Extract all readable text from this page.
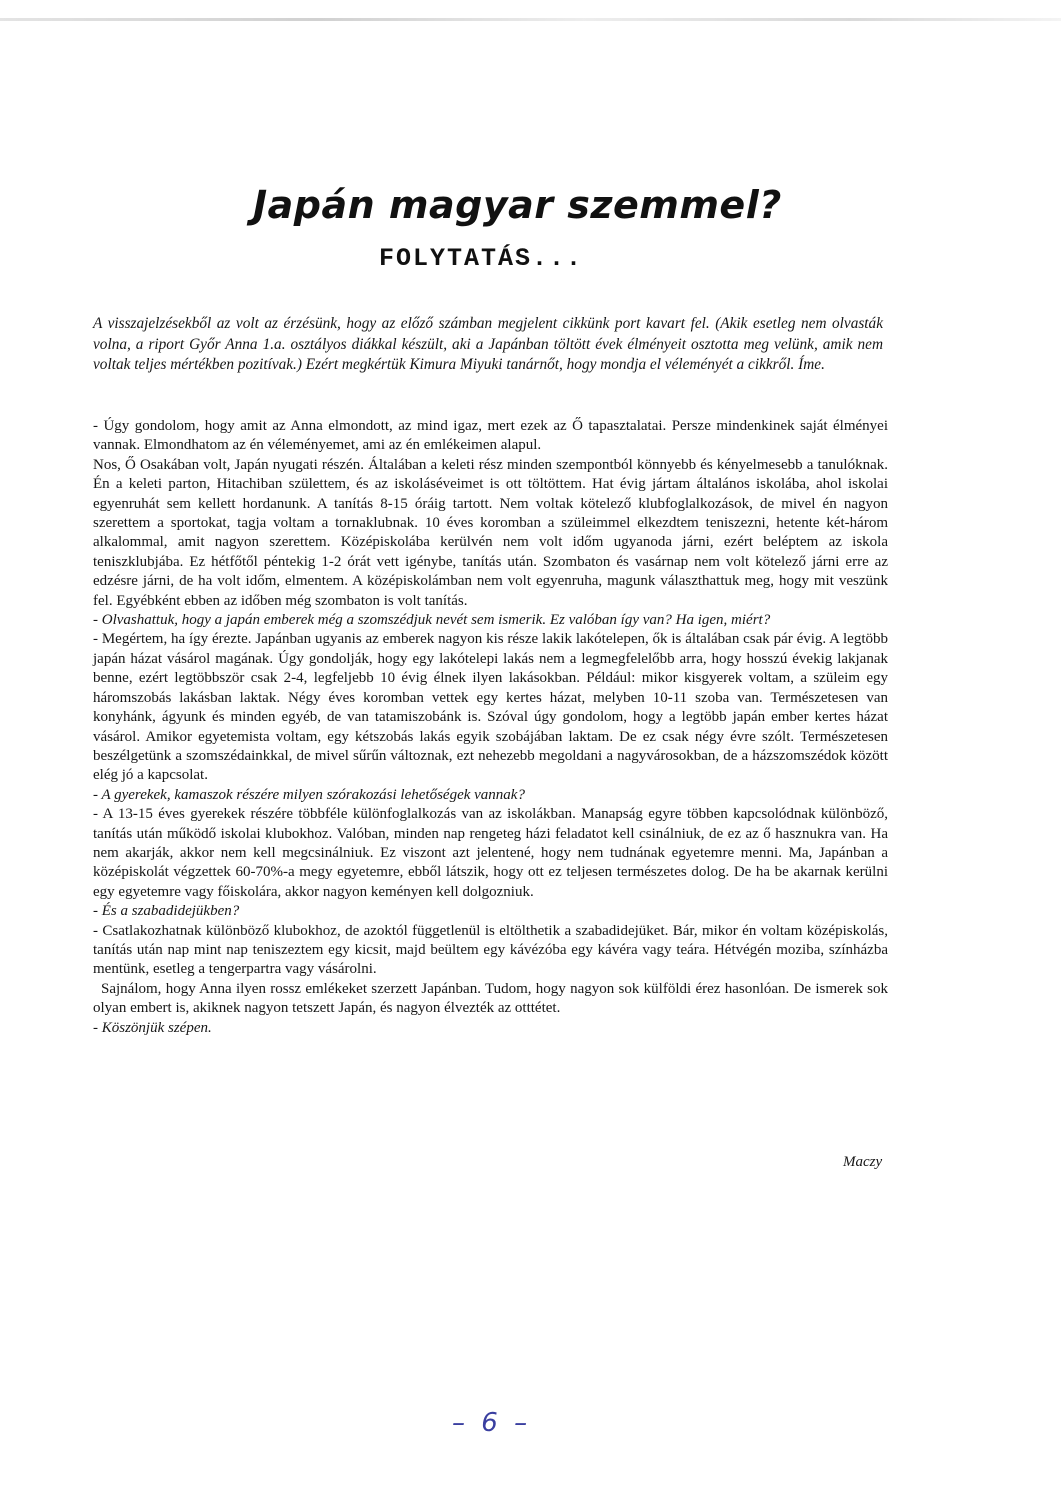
Japán magyar szemmel?
FOLYTATÁS...

A visszajelzésekből az volt az érzésünk, hogy az előző számban megjelent cikkünk port kavart fel. (Akik esetleg nem olvasták volna, a riport Győr Anna 1.a. osztályos diákkal készült, aki a Japánban töltött évek élményeit osztotta meg velünk, amik nem voltak teljes mértékben pozitívak.) Ezért megkértük Kimura Miyuki tanárnőt, hogy mondja el véleményét a cikkről. Íme.

- Úgy gondolom, hogy amit az Anna elmondott, az mind igaz, mert ezek az Ő tapasztalatai. Persze mindenkinek saját élményei vannak. Elmondhatom az én véleményemet, ami az én emlékeimen alapul.

Nos, Ő Osakában volt, Japán nyugati részén. Általában a keleti rész minden szempontból könnyebb és kényelmesebb a tanulóknak. Én a keleti parton, Hitachiban születtem, és az iskoláséveimet is ott töltöttem. Hat évig jártam általános iskolába, ahol iskolai egyenruhát sem kellett hordanunk. A tanítás 8-15 óráig tartott. Nem voltak kötelező klubfoglalkozások, de mivel én nagyon szerettem a sportokat, tagja voltam a tornaklubnak. 10 éves koromban a szüleimmel elkezdtem teniszezni, hetente két-három alkalommal, amit nagyon szerettem. Középiskolába kerülvén nem volt időm ugyanoda járni, ezért beléptem az iskola teniszklubjába. Ez hétfőtől péntekig 1-2 órát vett igénybe, tanítás után. Szombaton és vasárnap nem volt kötelező járni erre az edzésre járni, de ha volt időm, elmentem. A középiskolámban nem volt egyenruha, magunk választhattuk meg, hogy mit veszünk fel. Egyébként ebben az időben még szombaton is volt tanítás.

- Olvashattuk, hogy a japán emberek még a szomszédjuk nevét sem ismerik. Ez valóban így van? Ha igen, miért?

- Megértem, ha így érezte. Japánban ugyanis az emberek nagyon kis része lakik lakótelepen, ők is általában csak pár évig. A legtöbb japán házat vásárol magának. Úgy gondolják, hogy egy lakótelepi lakás nem a legmegfelelőbb arra, hogy hosszú évekig lakjanak benne, ezért legtöbbször csak 2-4, legfeljebb 10 évig élnek ilyen lakásokban. Például: mikor kisgyerek voltam, a szüleim egy háromszobás lakásban laktak. Négy éves koromban vettek egy kertes házat, melyben 10-11 szoba van. Természetesen van konyhánk, ágyunk és minden egyéb, de van tatamiszobánk is. Szóval úgy gondolom, hogy a legtöbb japán ember kertes házat vásárol. Amikor egyetemista voltam, egy kétszobás lakás egyik szobájában laktam. De ez csak négy évre szólt. Természetesen beszélgetünk a szomszédainkkal, de mivel sűrűn változnak, ezt nehezebb megoldani a nagyvárosokban, de a házszomszédok között elég jó a kapcsolat.

- A gyerekek, kamaszok részére milyen szórakozási lehetőségek vannak?

- A 13-15 éves gyerekek részére többféle különfoglalkozás van az iskolákban. Manapság egyre többen kapcsolódnak különböző, tanítás után működő iskolai klubokhoz. Valóban, minden nap rengeteg házi feladatot kell csinálniuk, de ez az ő hasznukra van. Ha nem akarják, akkor nem kell megcsinálniuk. Ez viszont azt jelentené, hogy nem tudnának egyetemre menni. Ma, Japánban a középiskolát végzettek 60-70%-a megy egyetemre, ebből látszik, hogy ott ez teljesen természetes dolog. De ha be akarnak kerülni egy egyetemre vagy főiskolára, akkor nagyon keményen kell dolgozniuk.

- És a szabadidejükben?

- Csatlakozhatnak különböző klubokhoz, de azoktól függetlenül is eltölthetik a szabadidejüket. Bár, mikor én voltam középiskolás, tanítás után nap mint nap teniszeztem egy kicsit, majd beültem egy kávézóba egy kávéra vagy teára. Hétvégén moziba, színházba mentünk, esetleg a tengerpartra vagy vásárolni.

Sajnálom, hogy Anna ilyen rossz emlékeket szerzett Japánban. Tudom, hogy nagyon sok külföldi érez hasonlóan. De ismerek sok olyan embert is, akiknek nagyon tetszett Japán, és nagyon élvezték az otttétet.

- Köszönjük szépen.

Maczy
– 6 –
